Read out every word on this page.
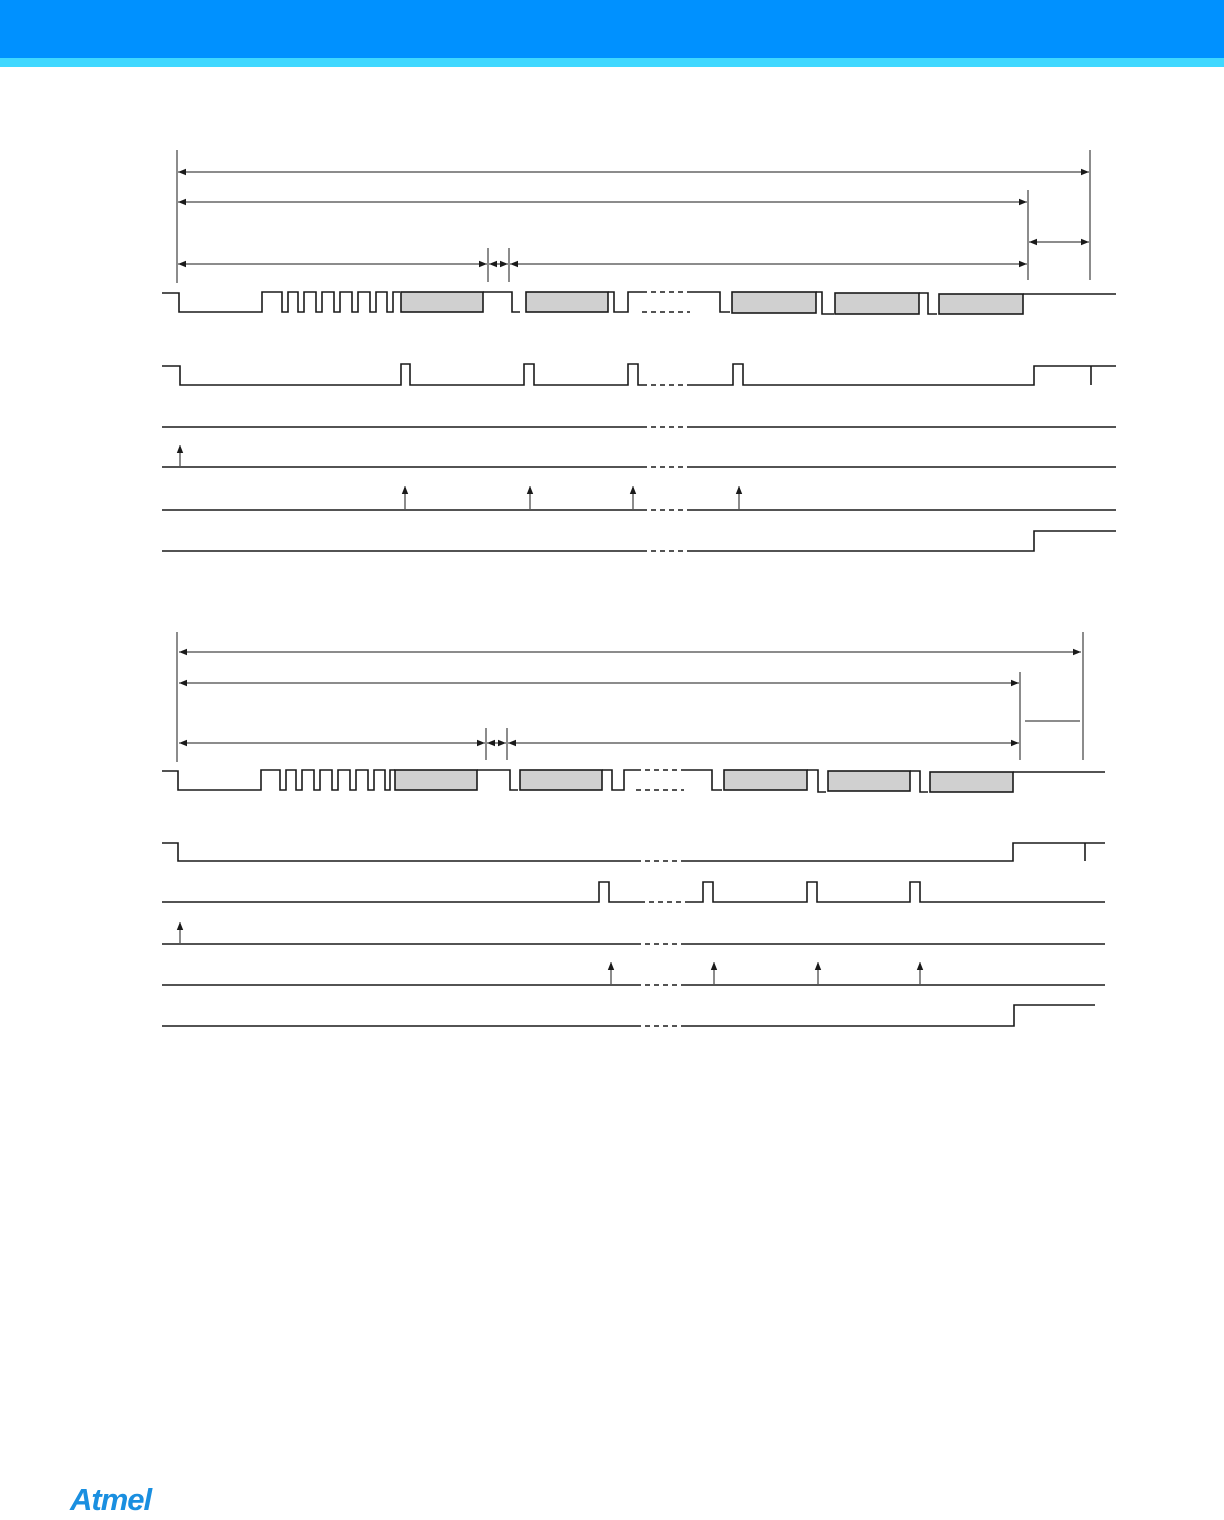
Atmel
